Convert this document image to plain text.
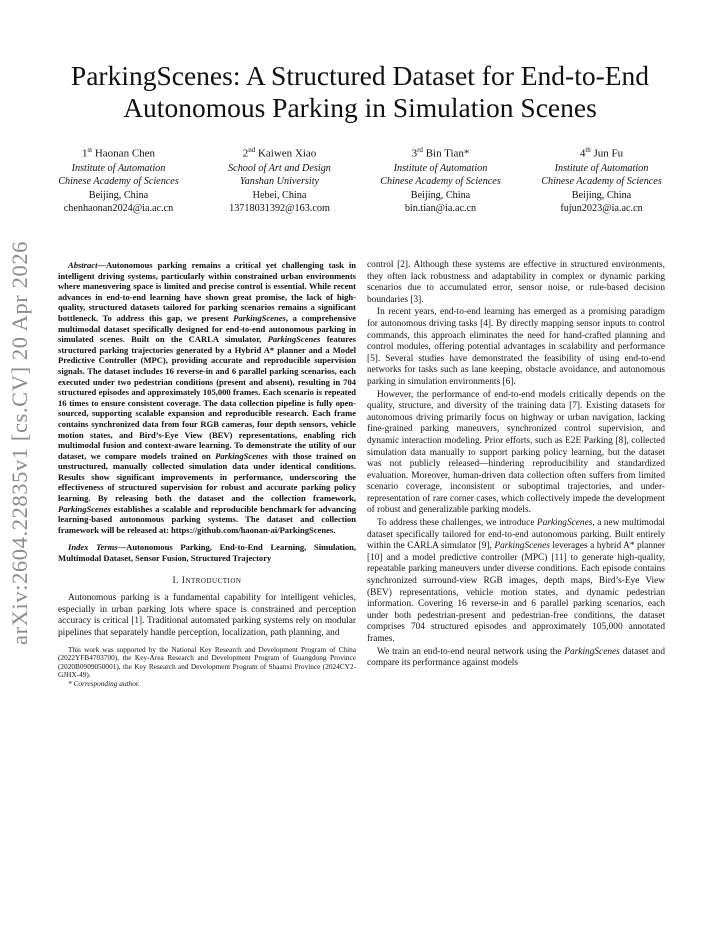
ParkingScenes: A Structured Dataset for End-to-End Autonomous Parking in Simulation Scenes
1st Haonan Chen
Institute of Automation
Chinese Academy of Sciences
Beijing, China
chenhaonan2024@ia.ac.cn
2nd Kaiwen Xiao
School of Art and Design
Yanshan University
Hebei, China
13718031392@163.com
3rd Bin Tian*
Institute of Automation
Chinese Academy of Sciences
Beijing, China
bin.tian@ia.ac.cn
4th Jun Fu
Institute of Automation
Chinese Academy of Sciences
Beijing, China
fujun2023@ia.ac.cn
arXiv:2604.22835v1 [cs.CV] 20 Apr 2026	Abstract—Autonomous parking remains a critical yet challenging task in intelligent driving systems, particularly within constrained urban environments where maneuvering space is limited and precise control is essential. While recent advances in end-to-end learning have shown great promise, the lack of high-quality, structured datasets tailored for parking scenarios remains a significant bottleneck. To address this gap, we present ParkingScenes, a comprehensive multimodal dataset specifically designed for end-to-end autonomous parking in simulated scenes. Built on the CARLA simulator, ParkingScenes features structured parking trajectories generated by a Hybrid A* planner and a Model Predictive Controller (MPC), providing accurate and reproducible supervision signals. The dataset includes 16 reverse-in and 6 parallel parking scenarios, each executed under two pedestrian conditions (present and absent), resulting in 704 structured episodes and approximately 105,000 frames. Each scenario is repeated 16 times to ensure consistent coverage. The data collection pipeline is fully open-sourced, supporting scalable expansion and reproducible research. Each frame contains synchronized data from four RGB cameras, four depth sensors, vehicle motion states, and Bird’s-Eye View (BEV) representations, enabling rich multimodal fusion and context-aware learning. To demonstrate the utility of our dataset, we compare models trained on ParkingScenes with those trained on unstructured, manually collected simulation data under identical conditions. Results show significant improvements in performance, underscoring the effectiveness of structured supervision for robust and accurate parking policy learning. By releasing both the dataset and the collection framework, ParkingScenes establishes a scalable and reproducible benchmark for advancing learning-based autonomous parking systems. The dataset and collection framework will be released at: https://github.com/haonan-ai/ParkingScenes.

Index Terms—Autonomous Parking, End-to-End Learning, Simulation, Multimodal Dataset, Sensor Fusion, Structured Trajectory

I. Introduction

Autonomous parking is a fundamental capability for intelligent vehicles, especially in urban parking lots where space is constrained and perception accuracy is critical [1]. Traditional automated parking systems rely on modular pipelines that separately handle perception, localization, path planning, and

This work was supported by the National Key Research and Development Program of China (2022YFB4703700), the Key-Area Research and Development Program of Guangdong Province (2020B0909050001), the Key Research and Development Program of Shaanxi Province (2024CY2-GJHX-49).
* Corresponding author.

control [2]. Although these systems are effective in structured environments, they often lack robustness and adaptability in complex or dynamic parking scenarios due to accumulated error, sensor noise, or rule-based decision boundaries [3].

In recent years, end-to-end learning has emerged as a promising paradigm for autonomous driving tasks [4]. By directly mapping sensor inputs to control commands, this approach eliminates the need for hand-crafted planning and control modules, offering potential advantages in scalability and performance [5]. Several studies have demonstrated the feasibility of using end-to-end networks for tasks such as lane keeping, obstacle avoidance, and autonomous parking in simulation environments [6].

However, the performance of end-to-end models critically depends on the quality, structure, and diversity of the training data [7]. Existing datasets for autonomous driving primarily focus on highway or urban navigation, lacking fine-grained parking maneuvers, synchronized control supervision, and dynamic interaction modeling. Prior efforts, such as E2E Parking [8], collected simulation data manually to support parking policy learning, but the dataset was not publicly released—hindering reproducibility and standardized evaluation. Moreover, human-driven data collection often suffers from limited scenario coverage, inconsistent or suboptimal trajectories, and under-representation of rare corner cases, which collectively impede the development of robust and generalizable parking models.

To address these challenges, we introduce ParkingScenes, a new multimodal dataset specifically tailored for end-to-end autonomous parking. Built entirely within the CARLA simulator [9], ParkingScenes leverages a hybrid A* planner [10] and a model predictive controller (MPC) [11] to generate high-quality, repeatable parking maneuvers under diverse conditions. Each episode contains synchronized surround-view RGB images, depth maps, Bird’s-Eye View (BEV) representations, vehicle motion states, and dynamic pedestrian information. Covering 16 reverse-in and 6 parallel parking scenarios, each under both pedestrian-present and pedestrian-free conditions, the dataset comprises 704 structured episodes and approximately 105,000 annotated frames.

We train an end-to-end neural network using the ParkingScenes dataset and compare its performance against models
